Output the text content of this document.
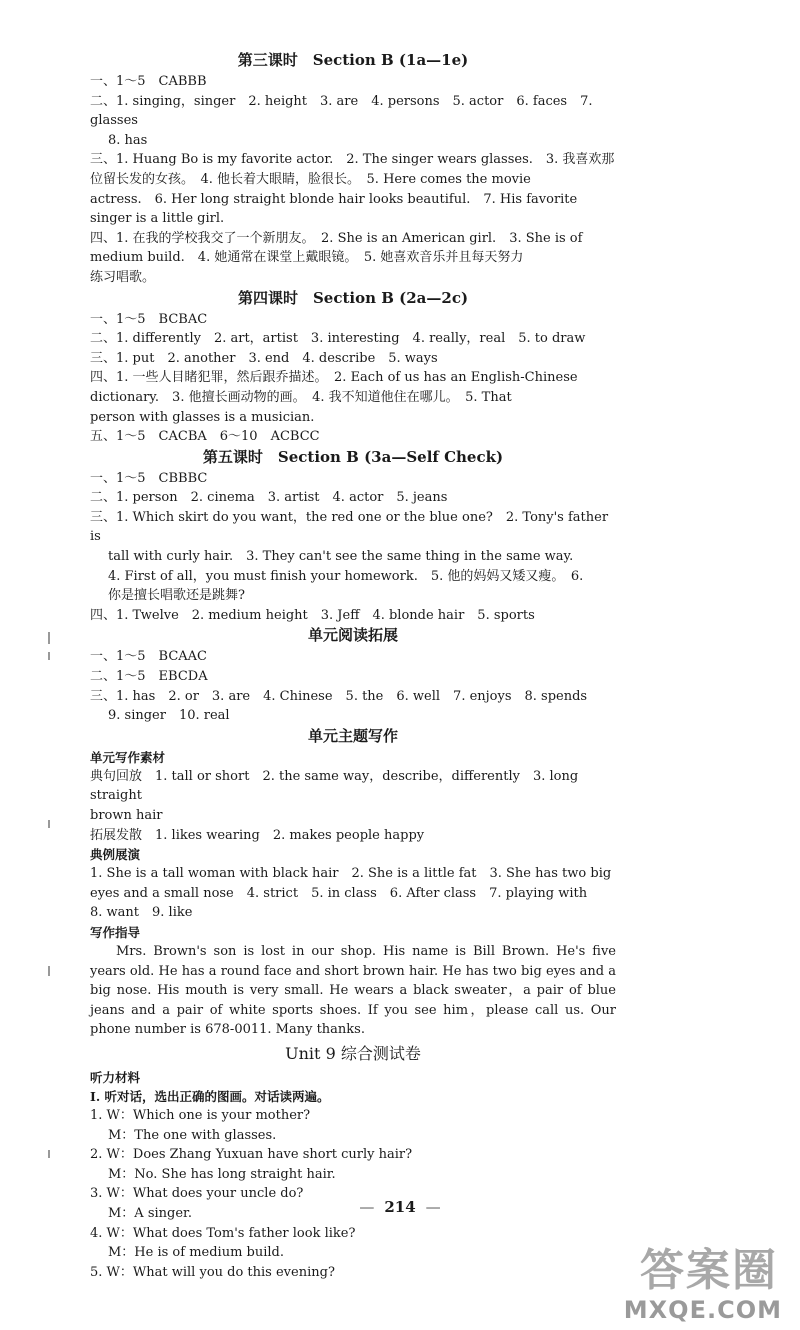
第三课时　Section B (1a—1e)
一、1～5　CABBB
二、1. singing，singer　2. height　3. are　4. persons　5. actor　6. faces　7. glasses
8. has
三、1. Huang Bo is my favorite actor.　2. The singer wears glasses.　3. 我喜欢那
位留长发的女孩。　4. 他长着大眼睛，脸很长。　5. Here comes the movie
actress.　6. Her long straight blonde hair looks beautiful.　7. His favorite
singer is a little girl.
四、1. 在我的学校我交了一个新朋友。　2. She is an American girl.　3. She is of
medium build.　4. 她通常在课堂上戴眼镜。　5. 她喜欢音乐并且每天努力
练习唱歌。
第四课时　Section B (2a—2c)
一、1～5　BCBAC
二、1. differently　2. art，artist　3. interesting　4. really，real　5. to draw
三、1. put　2. another　3. end　4. describe　5. ways
四、1. 一些人目睹犯罪，然后跟乔描述。　2. Each of us has an English-Chinese
dictionary.　3. 他擅长画动物的画。　4. 我不知道他住在哪儿。　5. That
person with glasses is a musician.
五、1～5　CACBA　6～10　ACBCC
第五课时　Section B (3a—Self Check)
一、1～5　CBBBC
二、1. person　2. cinema　3. artist　4. actor　5. jeans
三、1. Which skirt do you want，the red one or the blue one?　2. Tony's father is
tall with curly hair.　3. They can't see the same thing in the same way.
4. First of all，you must finish your homework.　5. 他的妈妈又矮又瘦。　6.
你是擅长唱歌还是跳舞?
四、1. Twelve　2. medium height　3. Jeff　4. blonde hair　5. sports
单元阅读拓展
一、1～5　BCAAC
二、1～5　EBCDA
三、1. has　2. or　3. are　4. Chinese　5. the　6. well　7. enjoys　8. spends
9. singer　10. real
单元主题写作
单元写作素材
典句回放　1. tall or short　2. the same way，describe，differently　3. long straight
brown hair
拓展发散　1. likes wearing　2. makes people happy
典例展演
1. She is a tall woman with black hair　2. She is a little fat　3. She has two big
eyes and a small nose　4. strict　5. in class　6. After class　7. playing with
8. want　9. like
写作指导
Mrs. Brown's son is lost in our shop. His name is Bill Brown. He's five years old. He has a round face and short brown hair. He has two big eyes and a big nose. His mouth is very small. He wears a black sweater，a pair of blue jeans and a pair of white sports shoes. If you see him，please call us. Our phone number is 678-0011. Many thanks.
Unit 9 综合测试卷
听力材料
Ⅰ. 听对话，选出正确的图画。对话读两遍。
1. W：Which one is your mother?
M：The one with glasses.
2. W：Does Zhang Yuxuan have short curly hair?
M：No. She has long straight hair.
3. W：What does your uncle do?
M：A singer.
4. W：What does Tom's father look like?
M：He is of medium build.
5. W：What will you do this evening?
— 214 —
答案圈
MXQE.COM
